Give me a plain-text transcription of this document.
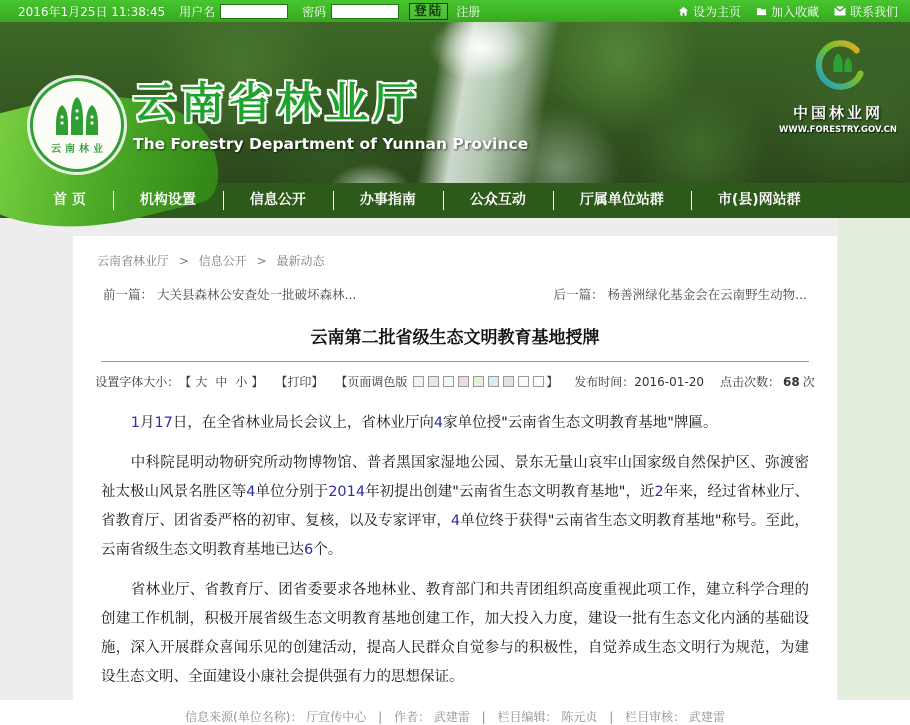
2016年1月25日 11:38:45 用户名	密码	登陆	注册	设为主页	加入收藏	联系我们
云南林业
云南省林业厅
The Forestry Department of Yunnan Province
中国林业网
WWW.FORESTRY.GOV.CN
首 页	机构设置	信息公开	办事指南	公众互动	厅属单位站群	市(县)网站群
云南省林业厅 > 信息公开 > 最新动态
前一篇： 大关县森林公安查处一批破坏森林...	后一篇： 杨善洲绿化基金会在云南野生动物...
云南第二批省级生态文明教育基地授牌
设置字体大小： 【 大 中 小 】 【打印】 【页面调色版
	】 发布时间： 2016-01-20 点击次数： 68 次

1月17日，在全省林业局长会议上，省林业厅向4家单位授"云南省生态文明教育基地"牌匾。

中科院昆明动物研究所动物博物馆、普者黑国家湿地公园、景东无量山哀牢山国家级自然保护区、弥渡密祉太极山风景名胜区等4单位分别于2014年初提出创建"云南省生态文明教育基地"，近2年来，经过省林业厅、省教育厅、团省委严格的初审、复核，以及专家评审，4单位终于获得"云南省生态文明教育基地"称号。至此，云南省级生态文明教育基地已达6个。

省林业厅、省教育厅、团省委要求各地林业、教育部门和共青团组织高度重视此项工作，建立科学合理的创建工作机制，积极开展省级生态文明教育基地创建工作，加大投入力度，建设一批有生态文化内涵的基础设施，深入开展群众喜闻乐见的创建活动，提高人民群众自觉参与的积极性，自觉养成生态文明行为规范，为建设生态文明、全面建设小康社会提供强有力的思想保证。

信息来源(单位名称)： 厅宣传中心 | 作者： 武建雷 | 栏目编辑： 陈元贞 | 栏目审核： 武建雷
